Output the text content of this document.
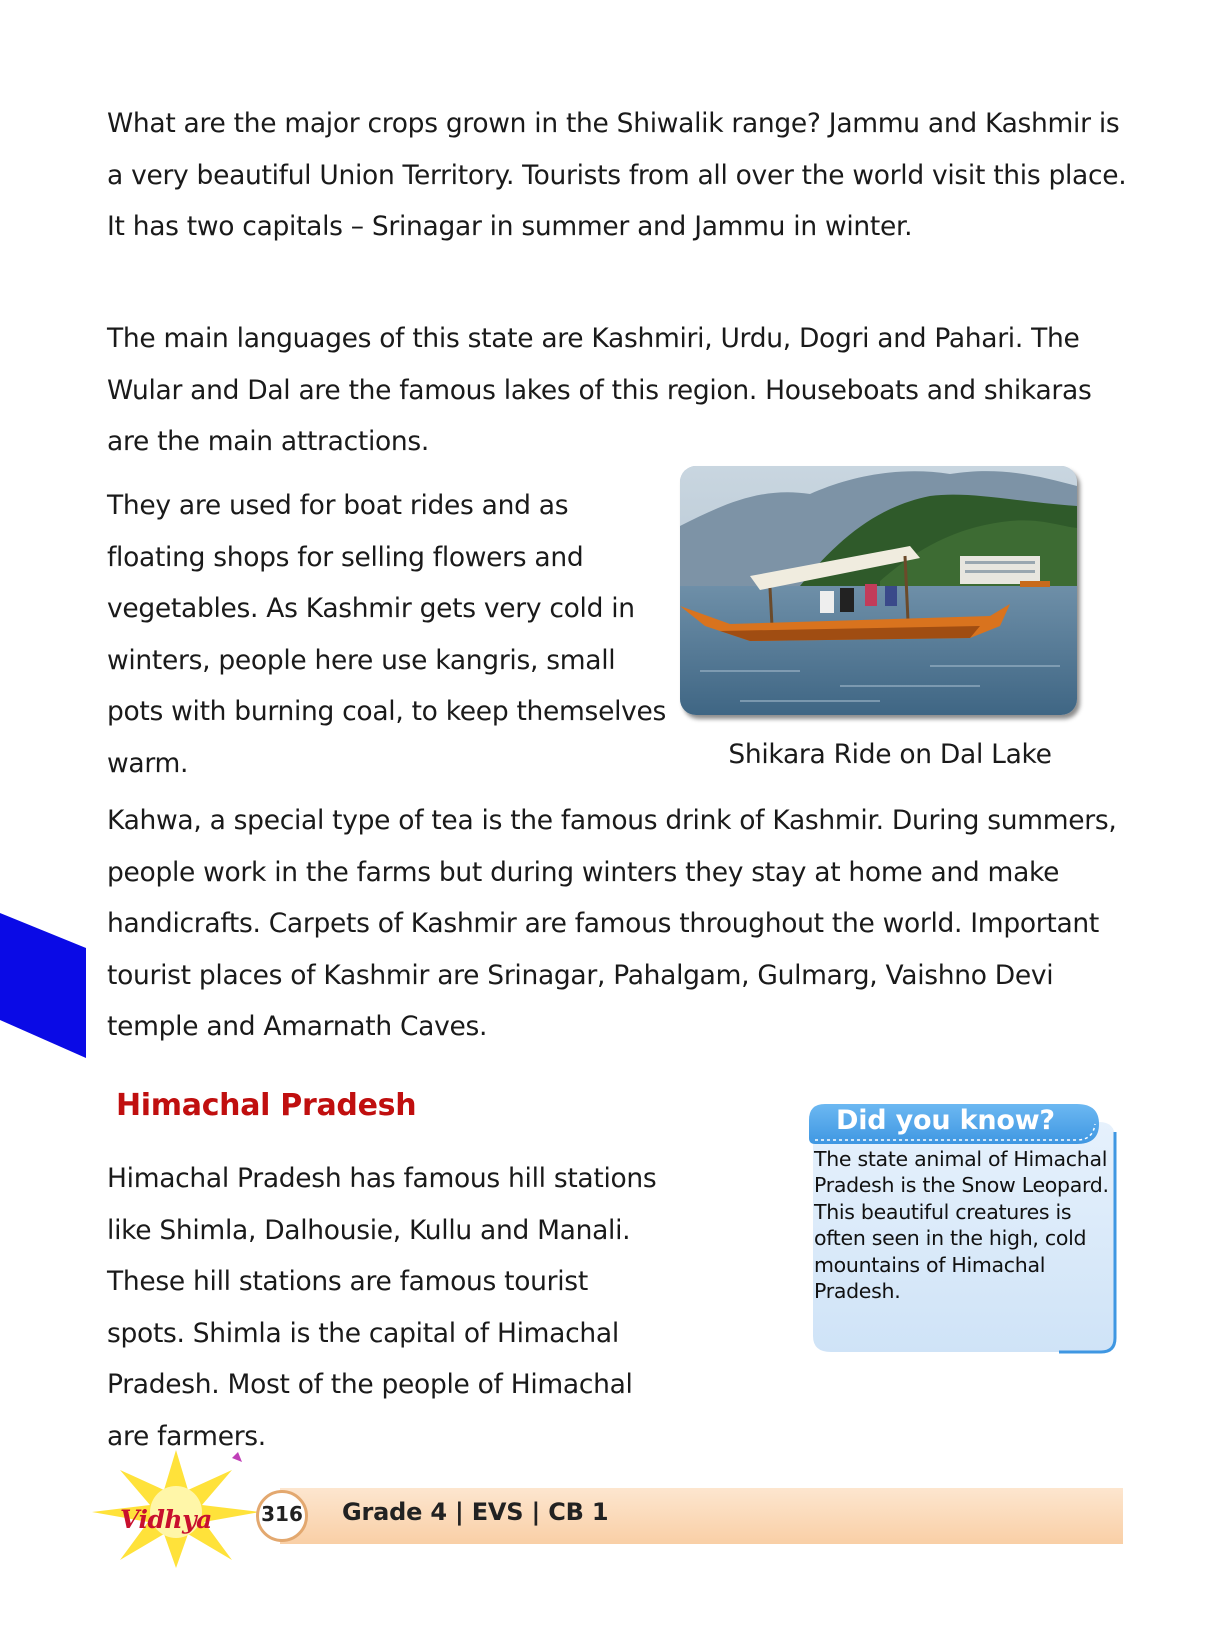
What are the major crops grown in the Shiwalik range? Jammu and Kashmir is a very beautiful Union Territory. Tourists from all over the world visit this place. It has two capitals – Srinagar in summer and Jammu in winter.

The main languages of this state are Kashmiri, Urdu, Dogri and Pahari. The Wular and Dal are the famous lakes of this region. Houseboats and shikaras are the main attractions.

They are used for boat rides and as floating shops for selling flowers and vegetables. As Kashmir gets very cold in winters, people here use kangris, small pots with burning coal, to keep themselves warm.	Shikara Ride on Dal Lake

Kahwa, a special type of tea is the famous drink of Kashmir. During summers, people work in the farms but during winters they stay at home and make handicrafts. Carpets of Kashmir are famous throughout the world. Important tourist places of Kashmir are Srinagar, Pahalgam, Gulmarg, Vaishno Devi temple and Amarnath Caves.

Himachal Pradesh

Himachal Pradesh has famous hill stations like Shimla, Dalhousie, Kullu and Manali. These hill stations are famous tourist spots. Shimla is the capital of Himachal Pradesh. Most of the people of Himachal are farmers.

Did you know?

The state animal of Himachal Pradesh is the Snow Leopard. This beautiful creatures is often seen in the high, cold mountains of Himachal Pradesh.

Vidhya 316 Grade 4 | EVS | CB 1
